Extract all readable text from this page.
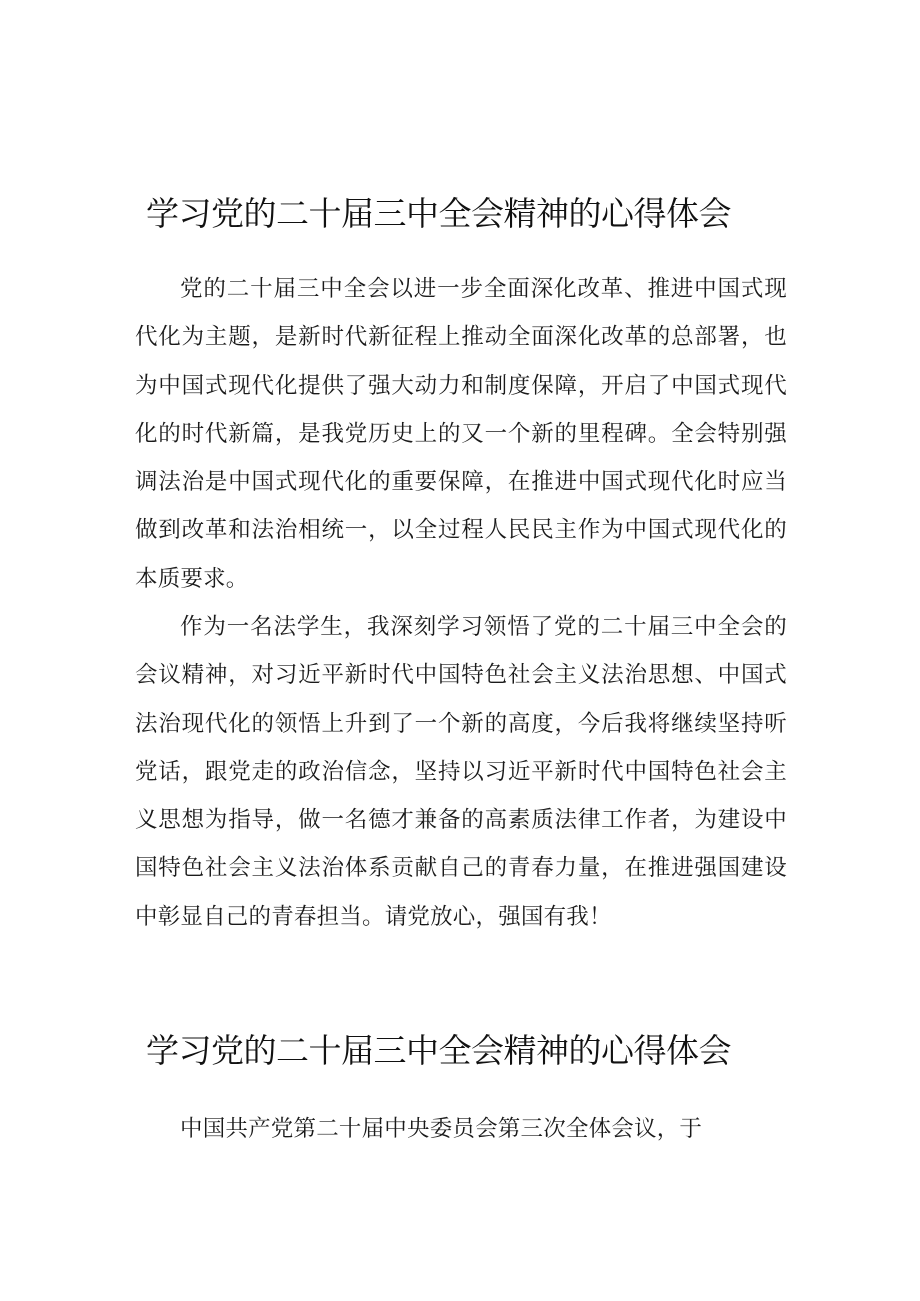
学习党的二十届三中全会精神的心得体会

党的二十届三中全会以进一步全面深化改革、推进中国式现代化为主题，是新时代新征程上推动全面深化改革的总部署，也为中国式现代化提供了强大动力和制度保障，开启了中国式现代化的时代新篇，是我党历史上的又一个新的里程碑。全会特别强调法治是中国式现代化的重要保障，在推进中国式现代化时应当做到改革和法治相统一，以全过程人民民主作为中国式现代化的本质要求。

作为一名法学生，我深刻学习领悟了党的二十届三中全会的会议精神，对习近平新时代中国特色社会主义法治思想、中国式法治现代化的领悟上升到了一个新的高度，今后我将继续坚持听党话，跟党走的政治信念，坚持以习近平新时代中国特色社会主义思想为指导，做一名德才兼备的高素质法律工作者，为建设中国特色社会主义法治体系贡献自己的青春力量，在推进强国建设中彰显自己的青春担当。请党放心，强国有我！

学习党的二十届三中全会精神的心得体会

中国共产党第二十届中央委员会第三次全体会议，于
